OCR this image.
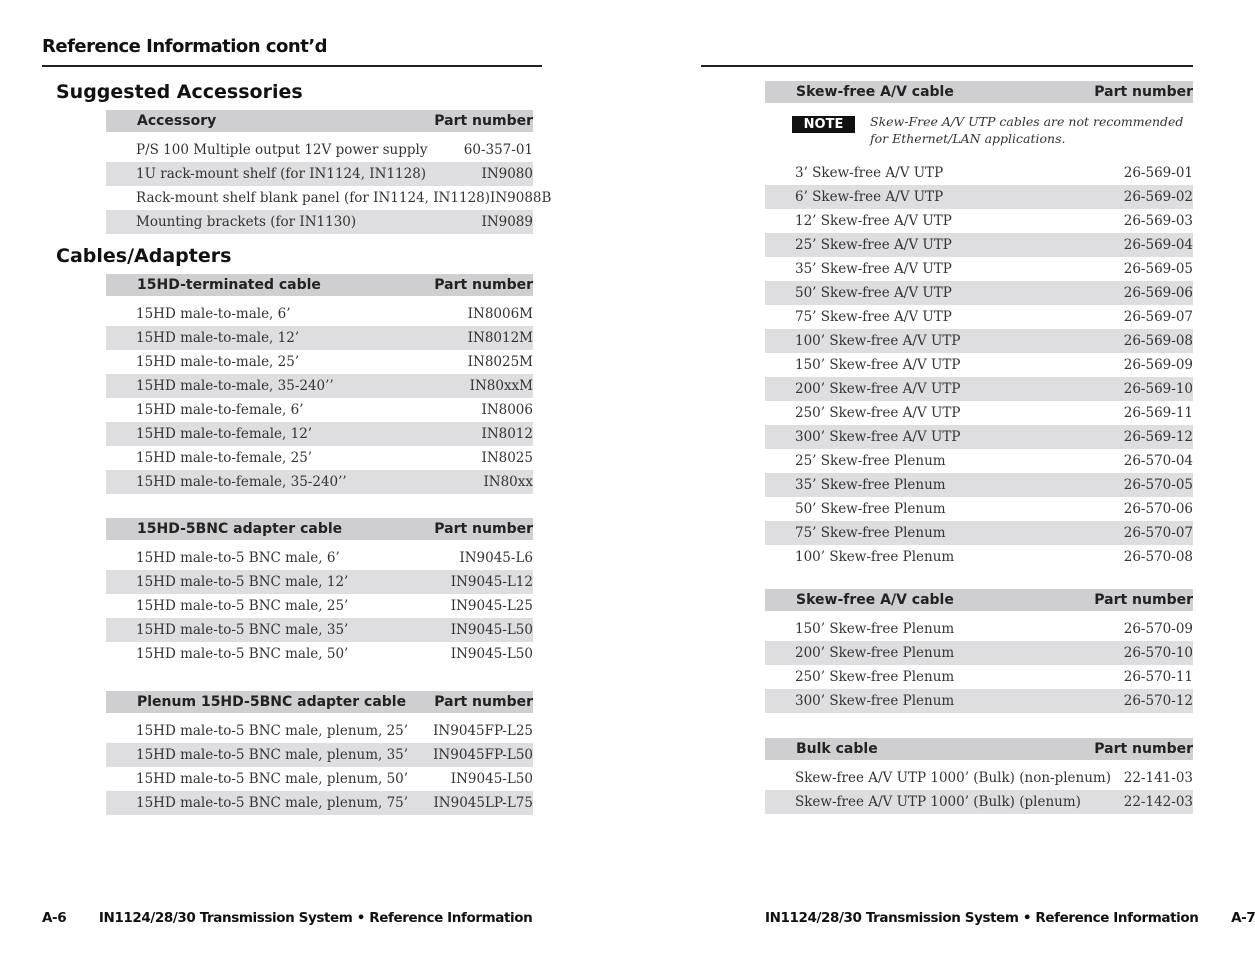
Reference Information cont’d
Suggested Accessories
Accessory	Part number
P/S 100 Multiple output 12V power supply	60-357-01
1U rack-mount shelf (for IN1124, IN1128)	IN9080
Rack-mount shelf blank panel (for IN1124, IN1128) IN9088B
Mounting brackets (for IN1130)	IN9089
Cables/Adapters
15HD-terminated cable	Part number
15HD male-to-male, 6’	IN8006M
15HD male-to-male, 12’	IN8012M
15HD male-to-male, 25’	IN8025M
15HD male-to-male, 35-240’’	IN80xxM
15HD male-to-female, 6’	IN8006
15HD male-to-female, 12’	IN8012
15HD male-to-female, 25’	IN8025
15HD male-to-female, 35-240’’	IN80xx
15HD-5BNC adapter cable	Part number
15HD male-to-5 BNC male, 6’	IN9045-L6
15HD male-to-5 BNC male, 12’	IN9045-L12
15HD male-to-5 BNC male, 25’	IN9045-L25
15HD male-to-5 BNC male, 35’	IN9045-L50
15HD male-to-5 BNC male, 50’	IN9045-L50
Plenum 15HD-5BNC adapter cable Part number
15HD male-to-5 BNC male, plenum, 25’ IN9045FP-L25
15HD male-to-5 BNC male, plenum, 35’ IN9045FP-L50
15HD male-to-5 BNC male, plenum, 50’	IN9045-L50
15HD male-to-5 BNC male, plenum, 75’ IN9045LP-L75
A-6 IN1124/28/30 Transmission System • Reference Information
Skew-free A/V cable	Part number
3’ Skew-free A/V UTP	26-569-01
6’ Skew-free A/V UTP	26-569-02
12’ Skew-free A/V UTP	26-569-03
25’ Skew-free A/V UTP	26-569-04
35’ Skew-free A/V UTP	26-569-05
50’ Skew-free A/V UTP	26-569-06
75’ Skew-free A/V UTP	26-569-07
100’ Skew-free A/V UTP	26-569-08
150’ Skew-free A/V UTP	26-569-09
200’ Skew-free A/V UTP	26-569-10
250’ Skew-free A/V UTP	26-569-11
300’ Skew-free A/V UTP	26-569-12
25’ Skew-free Plenum	26-570-04
35’ Skew-free Plenum	26-570-05
50’ Skew-free Plenum	26-570-06
75’ Skew-free Plenum	26-570-07
100’ Skew-free Plenum	26-570-08
NOTE	Skew-Free A/V UTP cables are not recommended for Ethernet/LAN applications.
Skew-free A/V cable	Part number
150’ Skew-free Plenum	26-570-09
200’ Skew-free Plenum	26-570-10
250’ Skew-free Plenum	26-570-11
300’ Skew-free Plenum	26-570-12
Bulk cable	Part number
Skew-free A/V UTP 1000’ (Bulk) (non-plenum) 22-141-03
Skew-free A/V UTP 1000’ (Bulk) (plenum)	22-142-03
IN1124/28/30 Transmission System • Reference Information A-7
